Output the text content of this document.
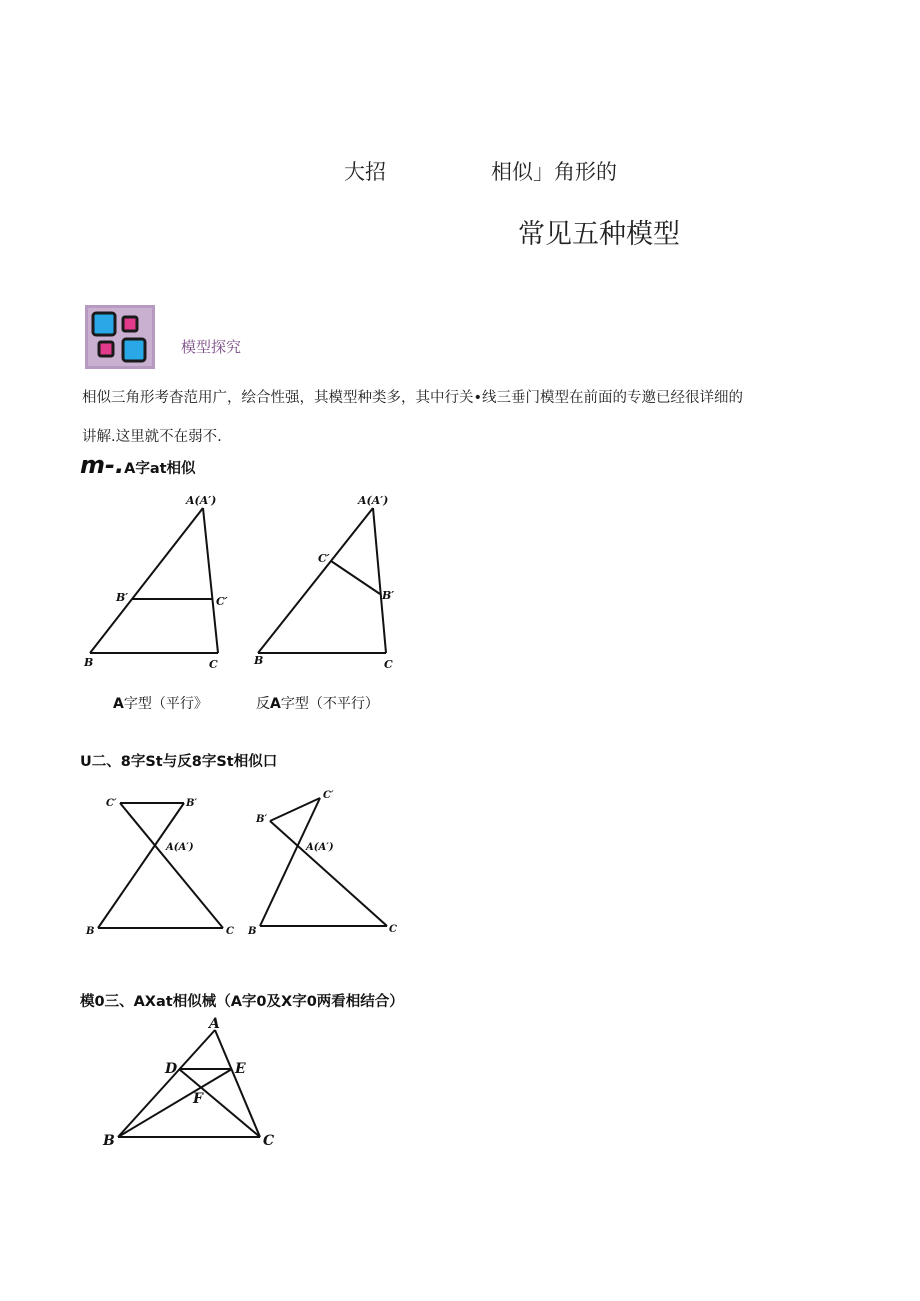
大招	相似」角形的
常见五种模型
模型探究
相似三角形考杳范用广，绘合性强，其模型种类多，其中行关•线三垂门模型在前面的专邀已经很详细的
讲解.这里就不在弱不.
m-.A字at相似
A(A′)
B′	C′
B	C
A(A′)
C′
B′
B	C
A字型（平行》	反A字型（不平行）
U二、8字St与反8字St相似口
C′	B′
A(A′)
B	C
B′
C′
A(A′)
B	C
模0三、AXat相似械（A字0及X字0两看相结合）
A
D	E
F
B	C
